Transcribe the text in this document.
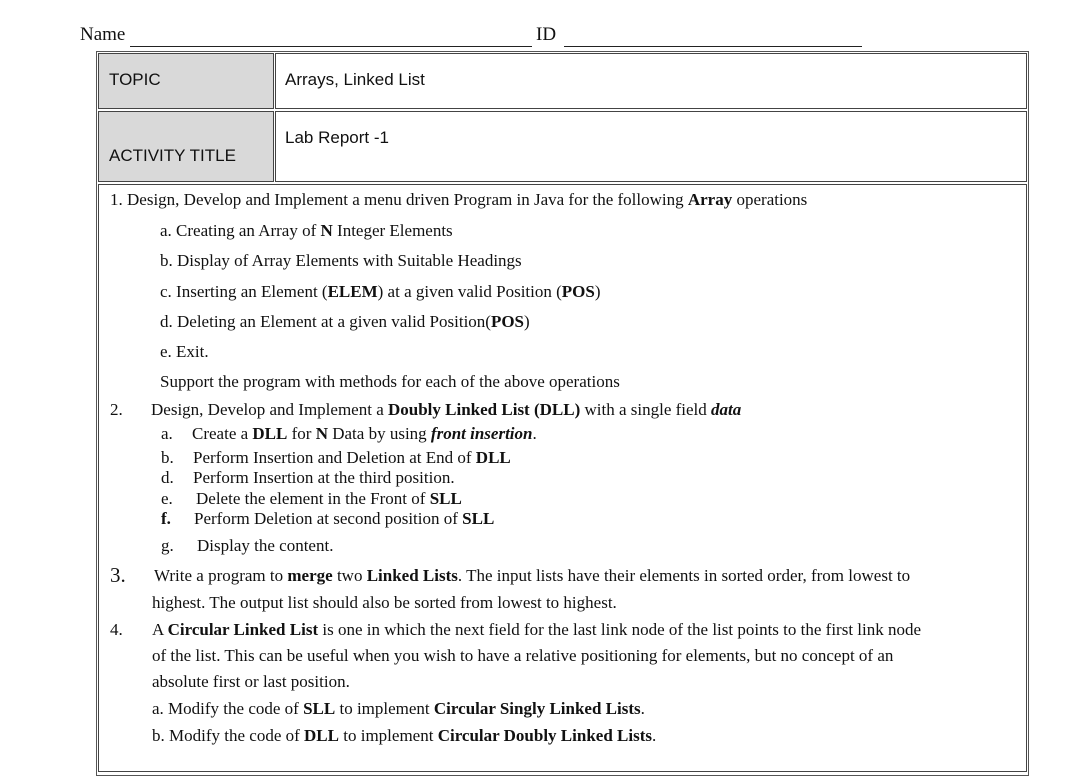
Name	ID
TOPIC	Arrays, Linked List
ACTIVITY TITLE
Lab Report -1
1. Design, Develop and Implement a menu driven Program in Java for the following Array operations
a. Creating an Array of N Integer Elements
b. Display of Array Elements with Suitable Headings
c. Inserting an Element (ELEM) at a given valid Position (POS)
d. Deleting an Element at a given valid Position(POS)
e. Exit.
Support the program with methods for each of the above operations
2. Design, Develop and Implement a Doubly Linked List (DLL) with a single field data
a. Create a DLL for N Data by using front insertion.
b. Perform Insertion and Deletion at End of DLL
d. Perform Insertion at the third position.
e. Delete the element in the Front of SLL
f. Perform Deletion at second position of SLL
g. Display the content.
3. Write a program to merge two Linked Lists. The input lists have their elements in sorted order, from lowest to
highest. The output list should also be sorted from lowest to highest.
4. A Circular Linked List is one in which the next field for the last link node of the list points to the first link node
of the list. This can be useful when you wish to have a relative positioning for elements, but no concept of an
absolute first or last position.
a. Modify the code of SLL to implement Circular Singly Linked Lists.
b. Modify the code of DLL to implement Circular Doubly Linked Lists.
